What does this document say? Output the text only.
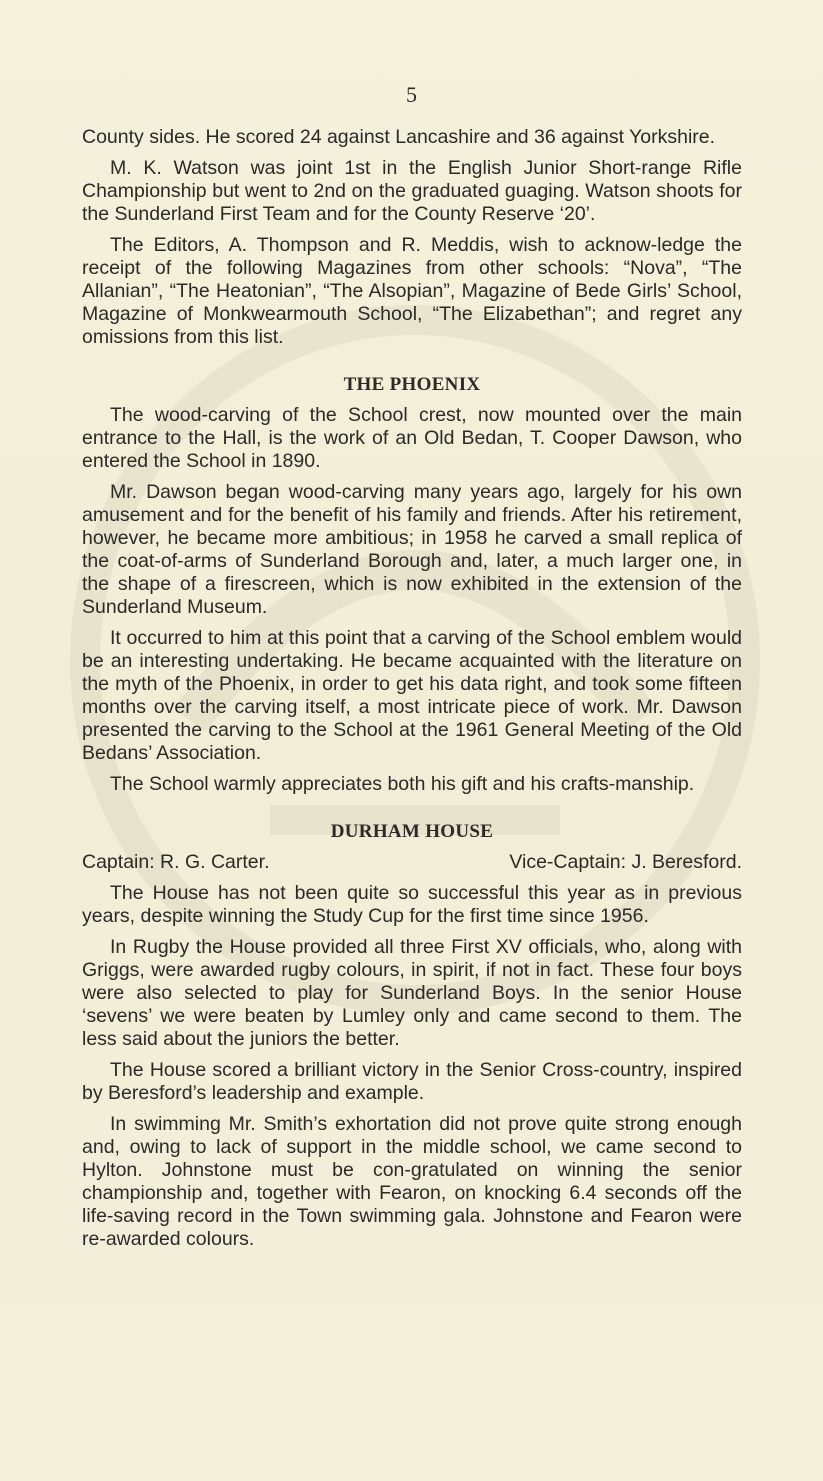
5

County sides. He scored 24 against Lancashire and 36 against Yorkshire.

M. K. Watson was joint 1st in the English Junior Short-range Rifle Championship but went to 2nd on the graduated guaging. Watson shoots for the Sunderland First Team and for the County Reserve ‘20’.

The Editors, A. Thompson and R. Meddis, wish to acknow-ledge the receipt of the following Magazines from other schools: “Nova”, “The Allanian”, “The Heatonian”, “The Alsopian”, Magazine of Bede Girls’ School, Magazine of Monkwearmouth School, “The Elizabethan”; and regret any omissions from this list.

THE PHOENIX

The wood-carving of the School crest, now mounted over the main entrance to the Hall, is the work of an Old Bedan, T. Cooper Dawson, who entered the School in 1890.

Mr. Dawson began wood-carving many years ago, largely for his own amusement and for the benefit of his family and friends. After his retirement, however, he became more ambitious; in 1958 he carved a small replica of the coat-of-arms of Sunderland Borough and, later, a much larger one, in the shape of a firescreen, which is now exhibited in the extension of the Sunderland Museum.

It occurred to him at this point that a carving of the School emblem would be an interesting undertaking. He became acquainted with the literature on the myth of the Phoenix, in order to get his data right, and took some fifteen months over the carving itself, a most intricate piece of work. Mr. Dawson presented the carving to the School at the 1961 General Meeting of the Old Bedans’ Association.

The School warmly appreciates both his gift and his crafts-manship.

DURHAM HOUSE
Captain: R. G. Carter.	Vice-Captain: J. Beresford.

The House has not been quite so successful this year as in previous years, despite winning the Study Cup for the first time since 1956.

In Rugby the House provided all three First XV officials, who, along with Griggs, were awarded rugby colours, in spirit, if not in fact. These four boys were also selected to play for Sunderland Boys. In the senior House ‘sevens’ we were beaten by Lumley only and came second to them. The less said about the juniors the better.

The House scored a brilliant victory in the Senior Cross-country, inspired by Beresford’s leadership and example.

In swimming Mr. Smith’s exhortation did not prove quite strong enough and, owing to lack of support in the middle school, we came second to Hylton. Johnstone must be con-gratulated on winning the senior championship and, together with Fearon, on knocking 6.4 seconds off the life-saving record in the Town swimming gala. Johnstone and Fearon were re-awarded colours.
